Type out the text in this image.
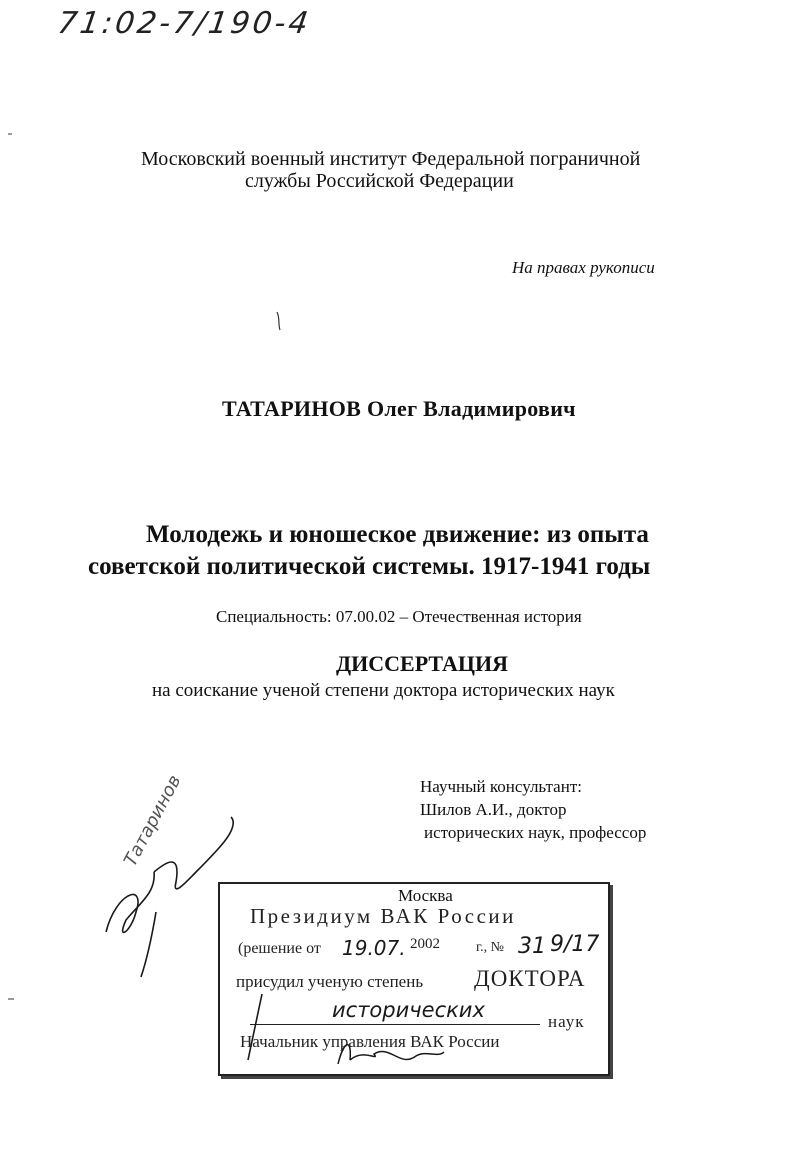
71:02-7/190-4
Московский военный институт Федеральной пограничной
службы Российской Федерации
На правах рукописи
ТАТАРИНОВ Олег Владимирович
Молодежь и юношеское движение: из опыта
советской политической системы. 1917-1941 годы
Специальность: 07.00.02 – Отечественная история
ДИССЕРТАЦИЯ
на соискание ученой степени доктора исторических наук
Научный консультант:
Шилов А.И., доктор
исторических наук, профессор
Татаринов
Москва
Президиум ВАК России
(решение от 19.07. 2002	г., № 31 9/17
присудил ученую степень ДОКТОРА
исторических	наук
Начальник управления ВАК России
